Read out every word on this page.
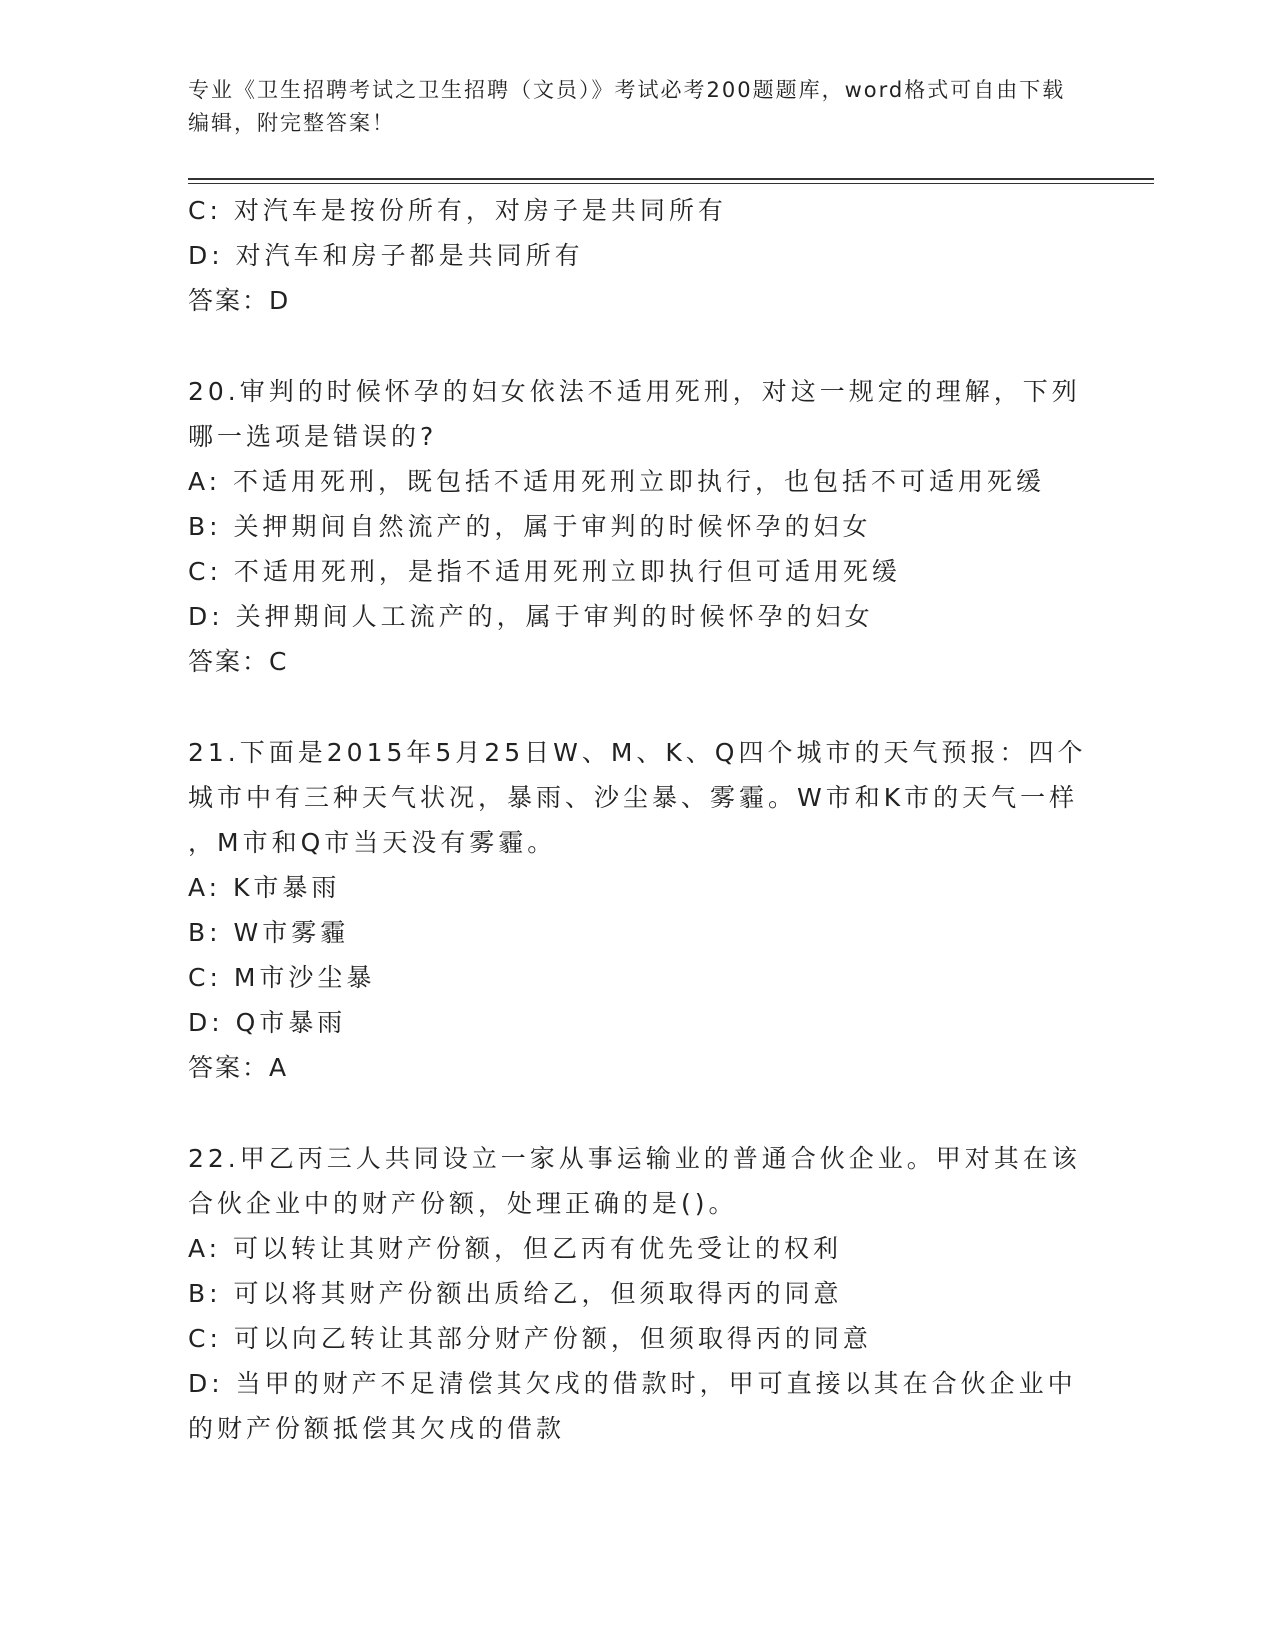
专业《卫生招聘考试之卫生招聘（文员）》考试必考200题题库，word格式可自由下载编辑，附完整答案！
C: 对汽车是按份所有，对房子是共同所有
D: 对汽车和房子都是共同所有
答案：D
20.审判的时候怀孕的妇女依法不适用死刑，对这一规定的理解，下列
哪一选项是错误的?
A: 不适用死刑，既包括不适用死刑立即执行，也包括不可适用死缓
B: 关押期间自然流产的，属于审判的时候怀孕的妇女
C: 不适用死刑，是指不适用死刑立即执行但可适用死缓
D: 关押期间人工流产的，属于审判的时候怀孕的妇女
答案：C
21.下面是2015年5月25日W、M、K、Q四个城市的天气预报：四个
城市中有三种天气状况，暴雨、沙尘暴、雾霾。W市和K市的天气一样
，M市和Q市当天没有雾霾。
A: K市暴雨
B: W市雾霾
C: M市沙尘暴
D: Q市暴雨
答案：A
22.甲乙丙三人共同设立一家从事运输业的普通合伙企业。甲对其在该
合伙企业中的财产份额，处理正确的是()。
A: 可以转让其财产份额，但乙丙有优先受让的权利
B: 可以将其财产份额出质给乙，但须取得丙的同意
C: 可以向乙转让其部分财产份额，但须取得丙的同意
D: 当甲的财产不足清偿其欠戌的借款时，甲可直接以其在合伙企业中
的财产份额抵偿其欠戌的借款
